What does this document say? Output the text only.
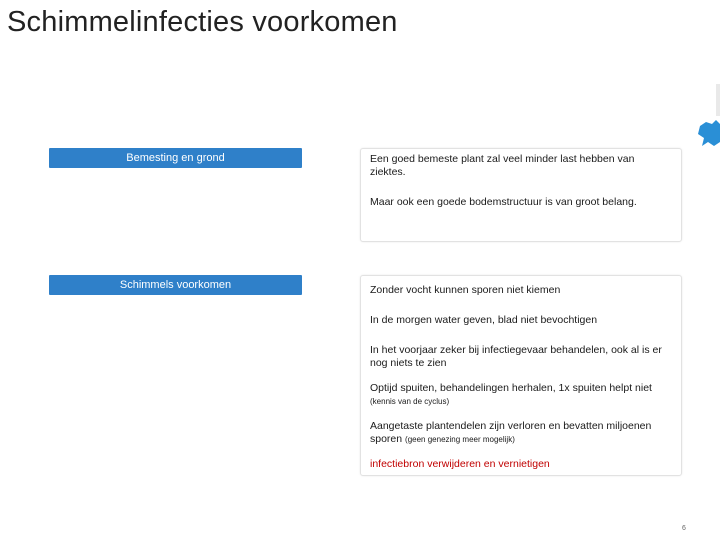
Schimmelinfecties voorkomen
Bemesting en grond	Een goed bemeste plant zal veel minder last hebben van ziektes.

Maar ook een goede bodemstructuur is van groot belang.

Schimmels voorkomen	Zonder vocht kunnen sporen niet kiemen

In de morgen water geven, blad niet bevochtigen

In het voorjaar zeker bij infectiegevaar behandelen, ook al is er nog niets te zien

Optijd spuiten, behandelingen herhalen, 1x spuiten helpt niet
(kennis van de cyclus)

Aangetaste plantendelen zijn verloren en bevatten miljoenen sporen (geen genezing meer mogelijk)

infectiebron verwijderen en vernietigen

6
